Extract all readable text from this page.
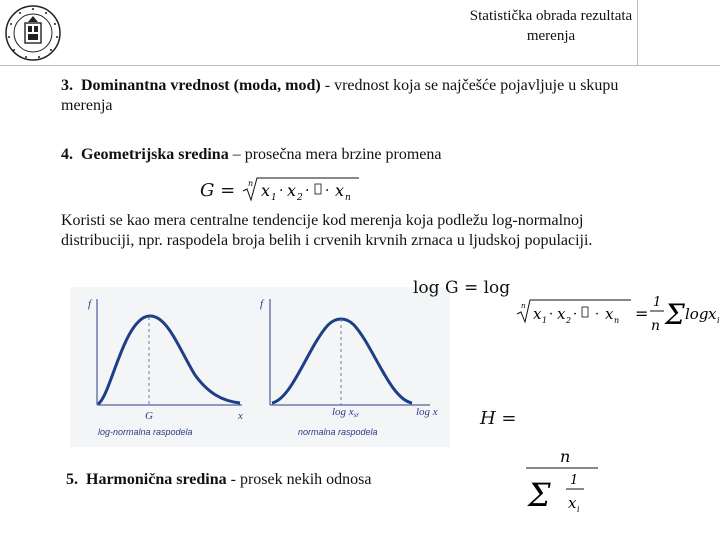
Statistička obrada rezultata
merenja
3. Dominantna vrednost (moda, mod) - vrednost koja se najčešće pojavljuje u skupu merenja
4. Geometrijska sredina – prosečna mera brzine promena
G = n x 1 · x 2 · · x n
Koristi se kao mera centralne tendencije kod merenja koja podležu log-normalnoj distribuciji, npr. raspodela broja belih i crvenih krvnih zrnaca u ljudskoj populaciji.
f
x
G
log-normalna raspodela
f
log x
log xsr
normalna raspodela
log G = log
n x 1 · x 2 · · x n =
1
n Σ log
x i
5. Harmonična sredina - prosek nekih odnosa
H =
n
Σ 1
x i
